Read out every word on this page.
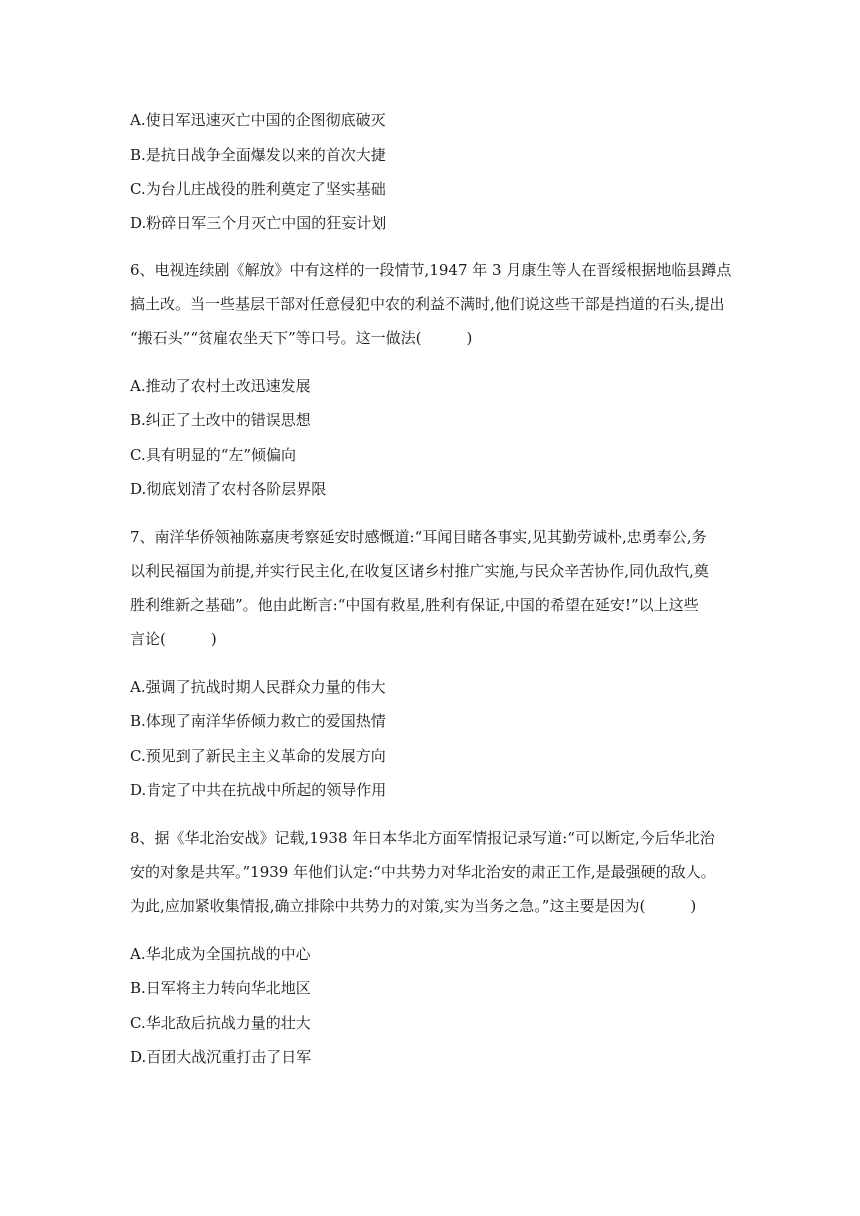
A.使日军迅速灭亡中国的企图彻底破灭
B.是抗日战争全面爆发以来的首次大捷
C.为台儿庄战役的胜利奠定了坚实基础
D.粉碎日军三个月灭亡中国的狂妄计划
6、电视连续剧《解放》中有这样的一段情节,1947 年 3 月康生等人在晋绥根据地临县蹲点
搞土改。当一些基层干部对任意侵犯中农的利益不满时,他们说这些干部是挡道的石头,提出
“搬石头”“贫雇农坐天下”等口号。这一做法(　　　)
A.推动了农村土改迅速发展
B.纠正了土改中的错误思想
C.具有明显的“左”倾偏向
D.彻底划清了农村各阶层界限
7、南洋华侨领袖陈嘉庚考察延安时感慨道:“耳闻目睹各事实,见其勤劳诚朴,忠勇奉公,务
以利民福国为前提,并实行民主化,在收复区诸乡村推广实施,与民众辛苦协作,同仇敌忾,奠
胜利维新之基础”。他由此断言:“中国有救星,胜利有保证,中国的希望在延安!”以上这些
言论(　　　)
A.强调了抗战时期人民群众力量的伟大
B.体现了南洋华侨倾力救亡的爱国热情
C.预见到了新民主主义革命的发展方向
D.肯定了中共在抗战中所起的领导作用
8、据《华北治安战》记载,1938 年日本华北方面军情报记录写道:“可以断定,今后华北治
安的对象是共军。”1939 年他们认定:“中共势力对华北治安的肃正工作,是最强硬的敌人。
为此,应加紧收集情报,确立排除中共势力的对策,实为当务之急。”这主要是因为(　　　)
A.华北成为全国抗战的中心
B.日军将主力转向华北地区
C.华北敌后抗战力量的壮大
D.百团大战沉重打击了日军
